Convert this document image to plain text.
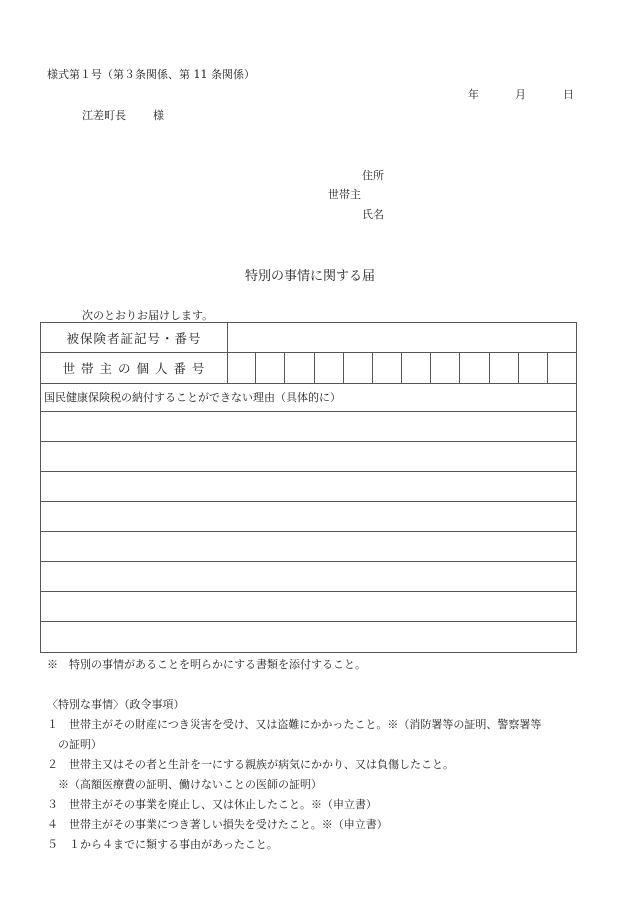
様式第１号（第３条関係、第 11 条関係）
年	月	日
江差町長 様
住所
世帯主
氏名
特別の事情に関する届
次のとおりお届けします。
被保険者証記号・番号
世 帯 主 の 個 人 番 号
国民健康保険税の納付することができない理由（具体的に）
※　特別の事情があることを明らかにする書類を添付すること。
〈特別な事情〉（政令事項）
１　世帯主がその財産につき災害を受け、又は盗難にかかったこと。※（消防署等の証明、警察署等
の証明）
２　世帯主又はその者と生計を一にする親族が病気にかかり、又は負傷したこと。
※（高額医療費の証明、働けないことの医師の証明）
３　世帯主がその事業を廃止し、又は休止したこと。※（申立書）
４　世帯主がその事業につき著しい損失を受けたこと。※（申立書）
５　１から４までに類する事由があったこと。
